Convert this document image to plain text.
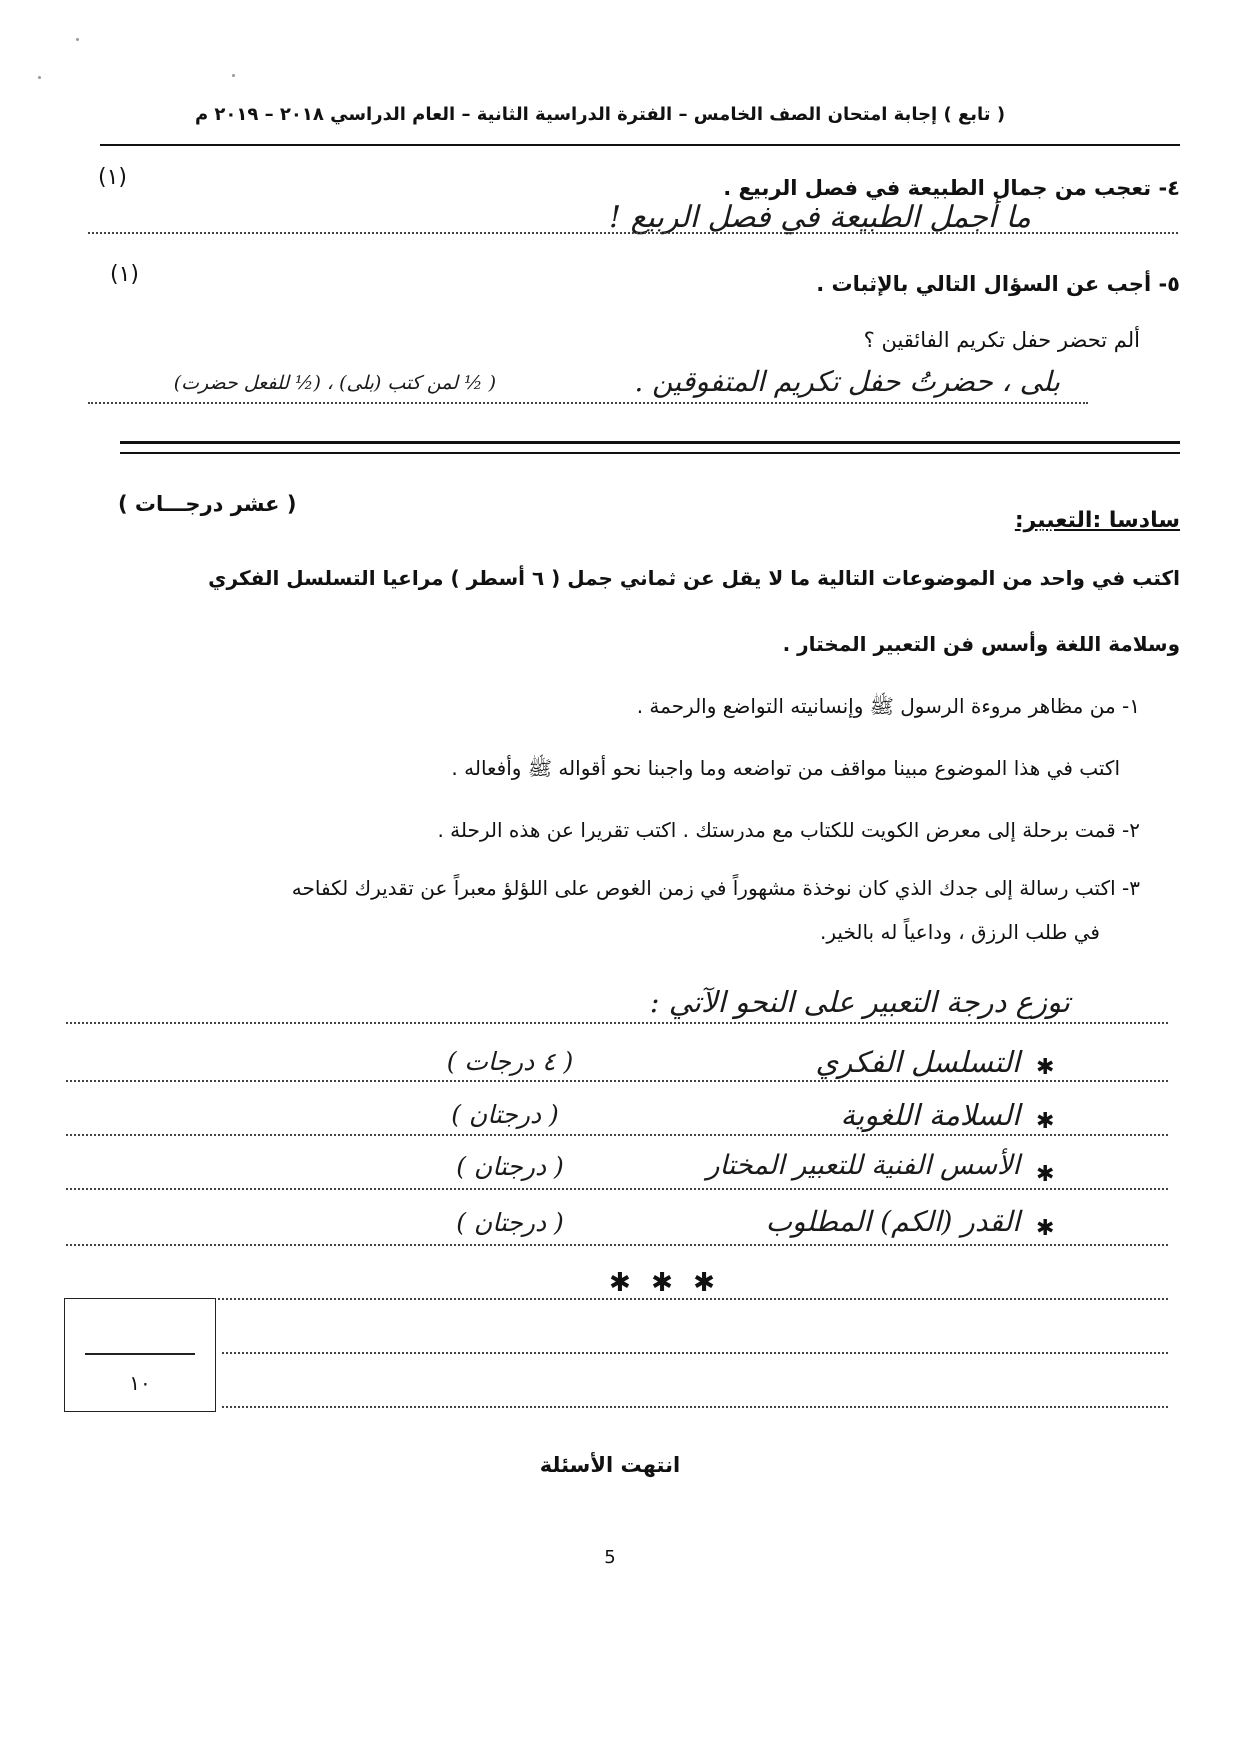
( تابع ) إجابة امتحان الصف الخامس – الفترة الدراسية الثانية – العام الدراسي ٢٠١٨ – ٢٠١٩ م
٤- تعجب من جمال الطبيعة في فصل الربيع .
(١)
ما أجمل الطبيعة في فصل الربيع !
٥- أجب عن السؤال التالي بالإثبات .
(١)
ألم تحضر حفل تكريم الفائقين ؟
بلى ، حضرتُ حفل تكريم المتفوقين .
( ½ لمن كتب (بلى) ، (½ للفعل حضرت)
( عشر درجـــات )
سادسا :التعبير:
اكتب في واحد من الموضوعات التالية ما لا يقل عن ثماني جمل ( ٦ أسطر ) مراعيا التسلسل الفكري
وسلامة اللغة وأسس فن التعبير المختار .
١- من مظاهر مروءة الرسول ﷺ وإنسانيته التواضع والرحمة .
اكتب في هذا الموضوع مبينا مواقف من تواضعه وما واجبنا نحو أقواله ﷺ وأفعاله .
٢- قمت برحلة إلى معرض الكويت للكتاب مع مدرستك . اكتب تقريرا عن هذه الرحلة .
٣- اكتب رسالة إلى جدك الذي كان نوخذة مشهوراً في زمن الغوص على اللؤلؤ معبراً عن تقديرك لكفاحه
في طلب الرزق ، وداعياً له بالخير.
توزع درجة التعبير على النحو الآتي :
✱
التسلسل الفكري
( ٤ درجات )
✱
السلامة اللغوية
( درجتان )
✱
الأسس الفنية للتعبير المختار
( درجتان )
✱
القدر (الكم) المطلوب
( درجتان )
✱ ✱ ✱
١٠
انتهت الأسئلة
5
